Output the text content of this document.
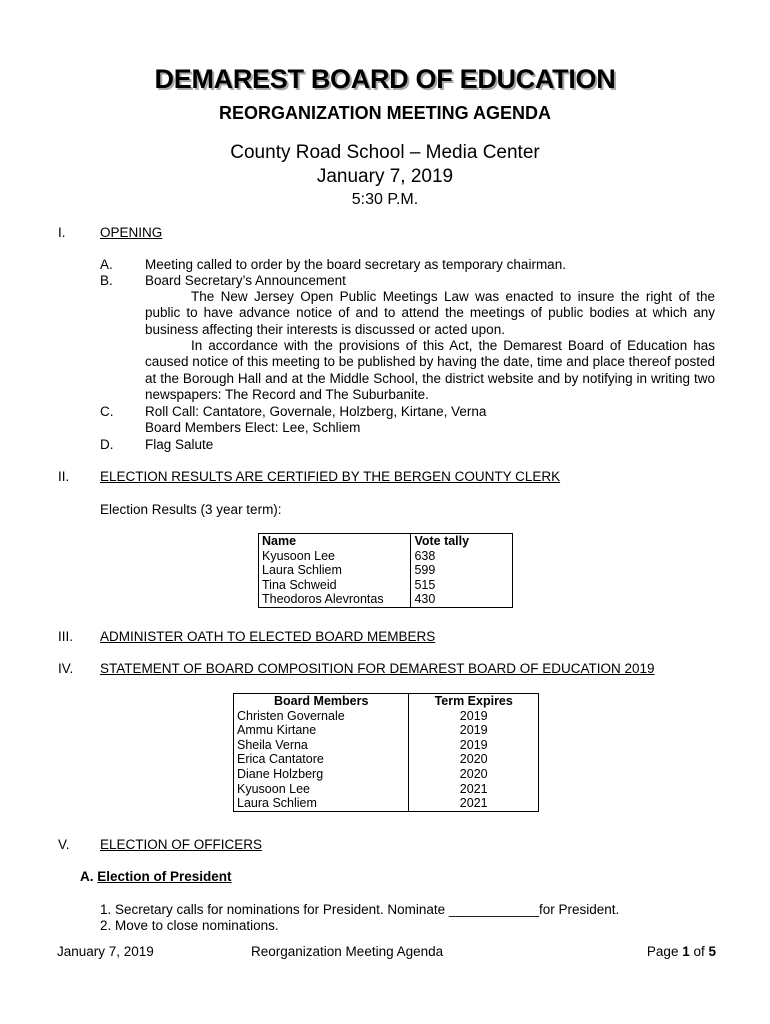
DEMAREST BOARD OF EDUCATION
REORGANIZATION MEETING AGENDA
County Road School – Media Center
January 7, 2019
5:30 P.M.
I.	OPENING
A. Meeting called to order by the board secretary as temporary chairman.
B. Board Secretary’s Announcement
The New Jersey Open Public Meetings Law was enacted to insure the right of the public to have advance notice of and to attend the meetings of public bodies at which any business affecting their interests is discussed or acted upon.
In accordance with the provisions of this Act, the Demarest Board of Education has caused notice of this meeting to be published by having the date, time and place thereof posted at the Borough Hall and at the Middle School, the district website and by notifying in writing two newspapers: The Record and The Suburbanite.
C. Roll Call: Cantatore, Governale, Holzberg, Kirtane, Verna
Board Members Elect: Lee, Schliem
D. Flag Salute
II. ELECTION RESULTS ARE CERTIFIED BY THE BERGEN COUNTY CLERK
Election Results (3 year term):
Name	Vote tally
Kyusoon Lee	638
Laura Schliem	599
Tina Schweid	515
Theodoros Alevrontas	430
III. ADMINISTER OATH TO ELECTED BOARD MEMBERS
IV. STATEMENT OF BOARD COMPOSITION FOR DEMAREST BOARD OF EDUCATION 2019
Board Members	Term Expires
Christen Governale	2019
Ammu Kirtane	2019
Sheila Verna	2019
Erica Cantatore	2020
Diane Holzberg	2020
Kyusoon Lee	2021
Laura Schliem	2021
V. ELECTION OF OFFICERS
A. Election of President
1. Secretary calls for nominations for President. Nominate ____________for President.
2. Move to close nominations.
January 7, 2019	Reorganization Meeting Agenda	Page 1 of 5
